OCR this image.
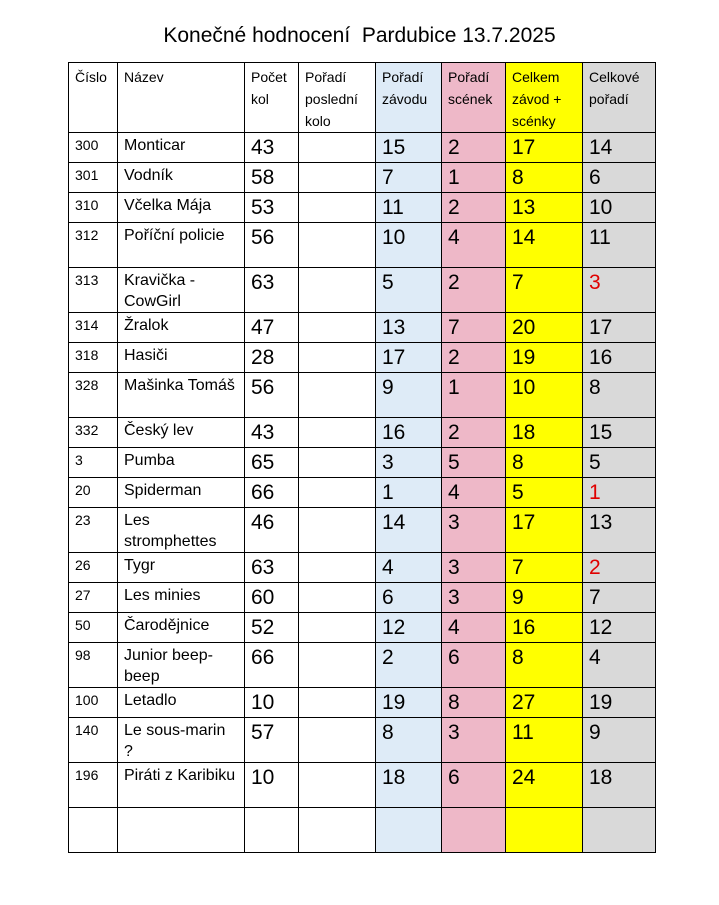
Konečné hodnocení  Pardubice 13.7.2025
Číslo	Název	Počet kol	Pořadí poslední kolo	Pořadí závodu	Pořadí scének	Celkem závod + scénky	Celkové pořadí
300	Monticar	43		15	2	17	14
301	Vodník	58		7	1	8	6
310	Včelka Mája	53		11	2	13	10
312	Poříční policie	56		10	4	14	11
313	Kravička - CowGirl	63		5	2	7	3
314	Žralok	47		13	7	20	17
318	Hasiči	28		17	2	19	16
328	Mašinka Tomáš	56		9	1	10	8
332	Český lev	43		16	2	18	15
3	Pumba	65		3	5	8	5
20	Spiderman	66		1	4	5	1
23	Les stromphettes	46		14	3	17	13
26	Tygr	63		4	3	7	2
27	Les minies	60		6	3	9	7
50	Čarodějnice	52		12	4	16	12
98	Junior beep-beep	66		2	6	8	4
100	Letadlo	10		19	8	27	19
140	Le sous-marin ?	57		8	3	11	9
196	Piráti z Karibiku	10		18	6	24	18
